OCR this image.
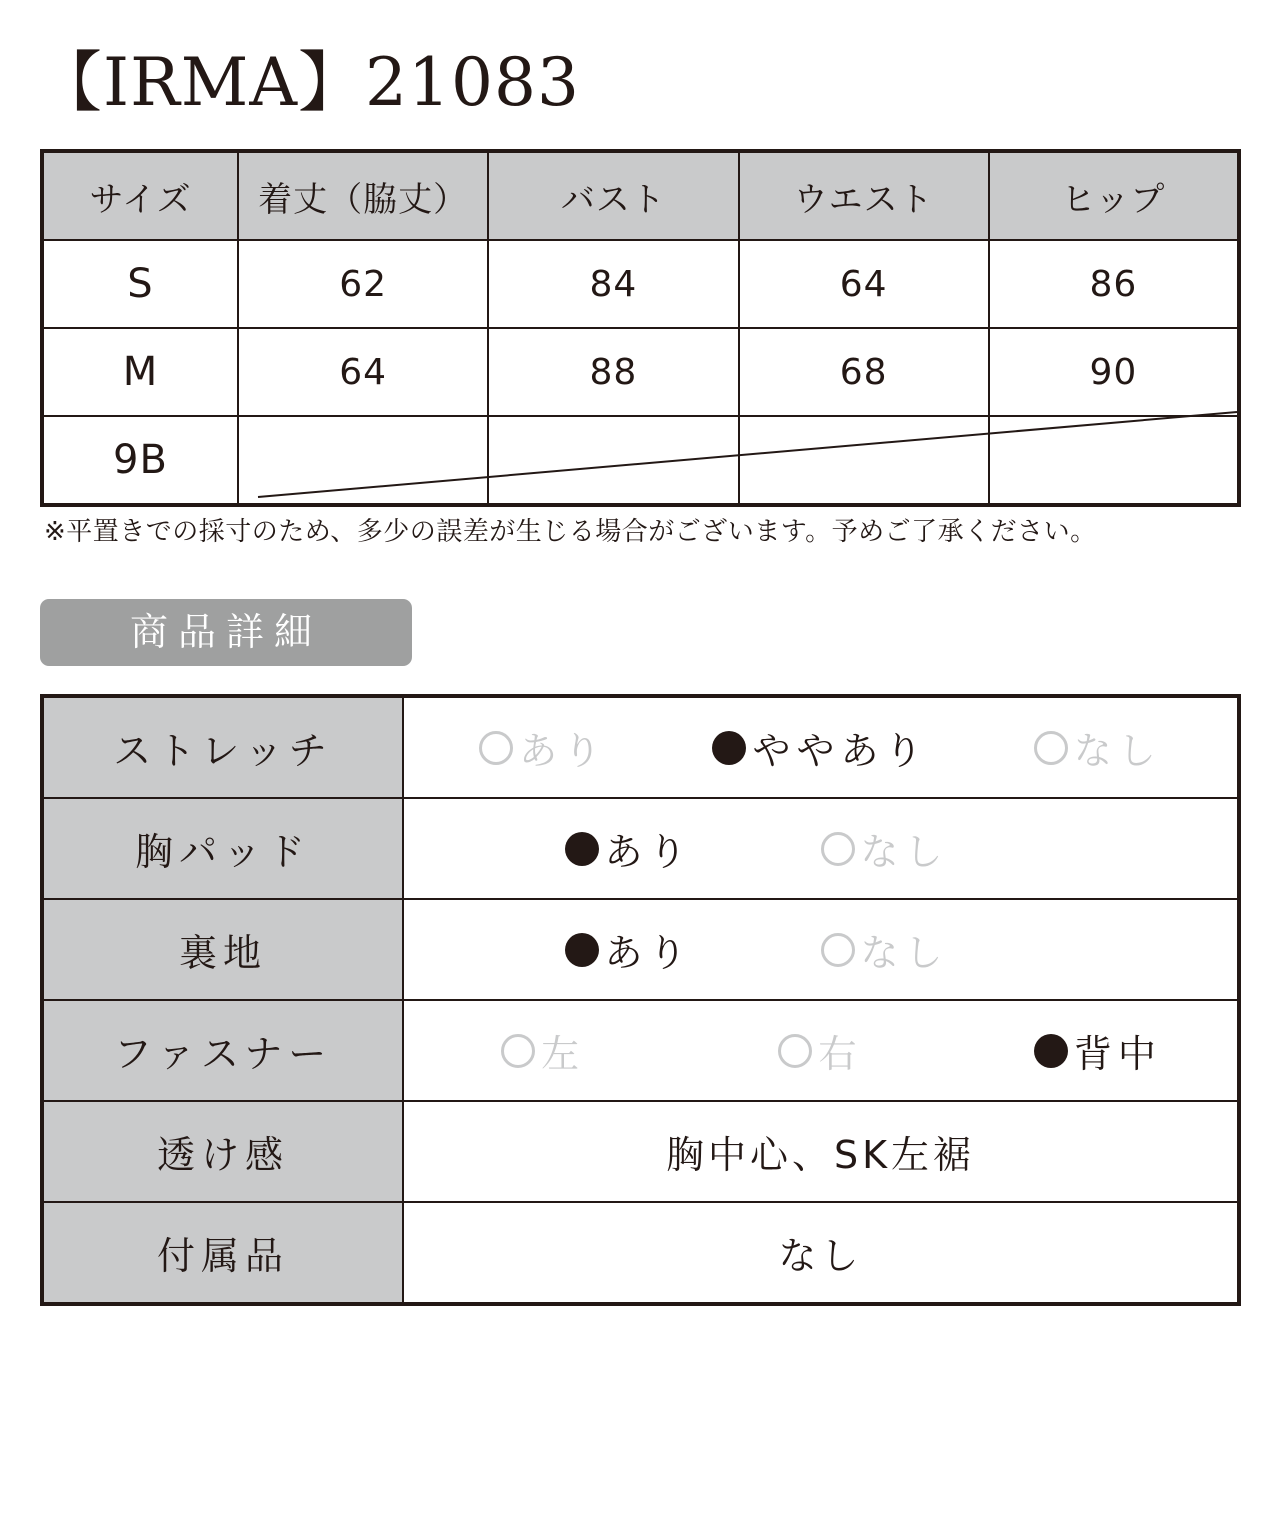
【IRMA】21083
サイズ	着丈（脇丈）	バスト	ウエスト	ヒップ
S	62	84	64	86
M	64	88	68	90
9B				
※平置きでの採寸のため、多少の誤差が生じる場合がございます。予めご了承ください。
商品詳細
ストレッチ	あり ややあり なし

胸パッド	あり なし

裏地	あり なし

ファスナー	左 右 背中

透け感	胸中心、SK左裾
付属品	なし
